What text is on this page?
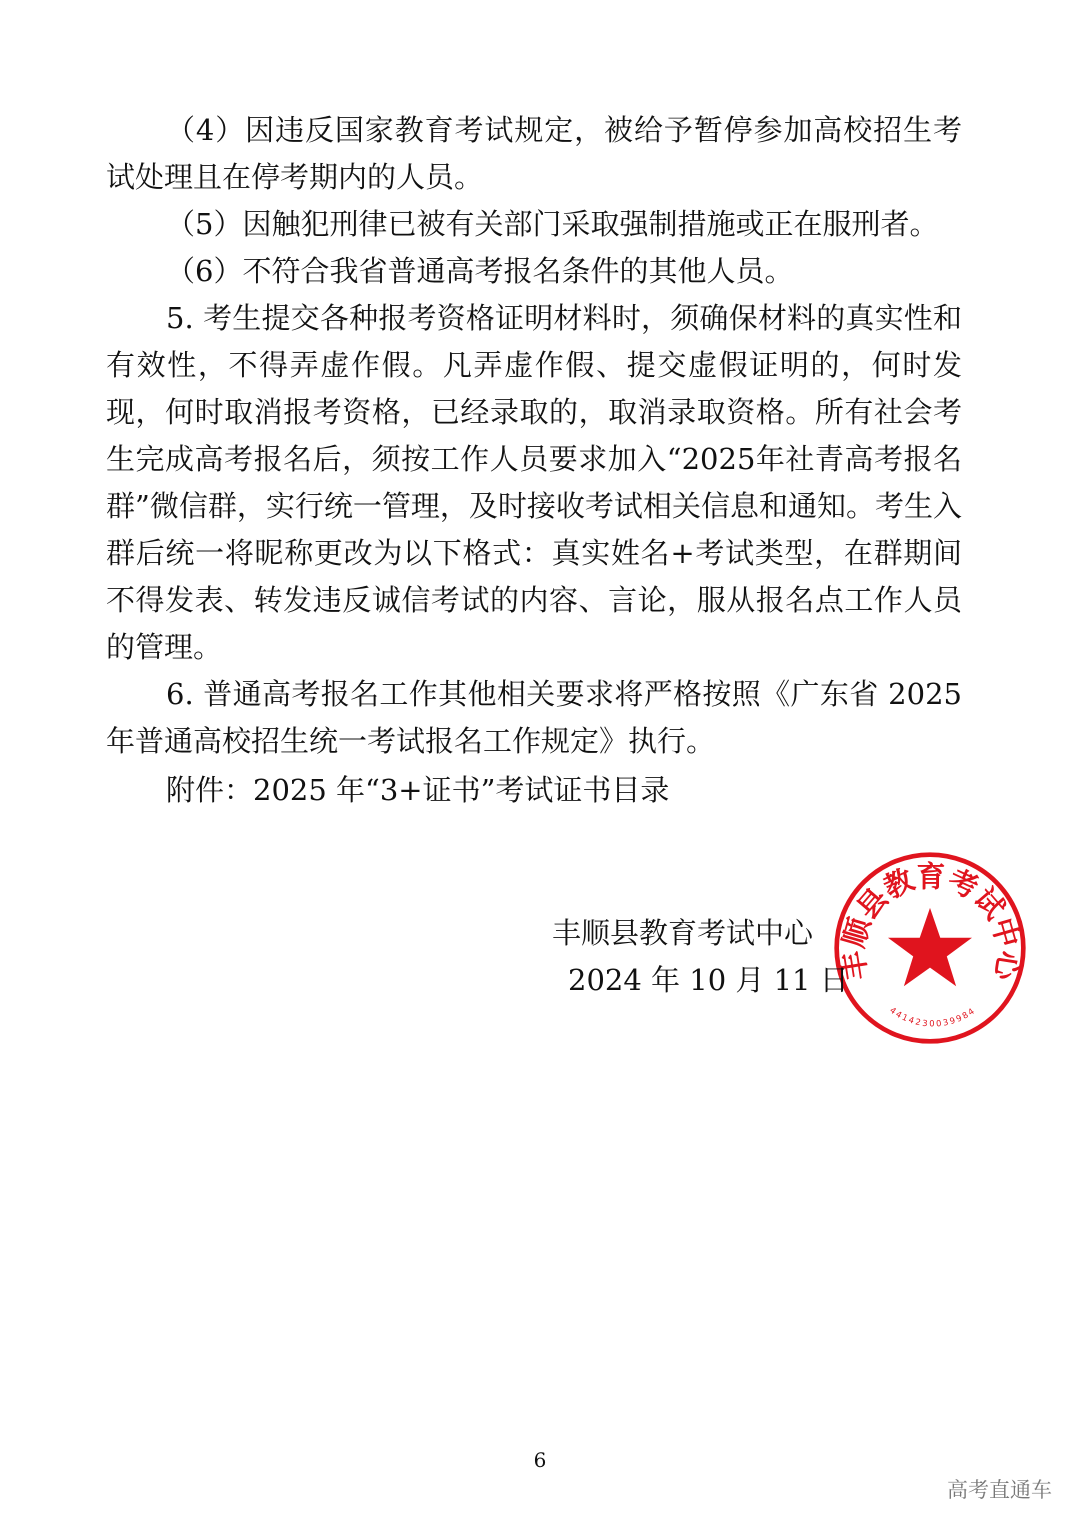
（4）因违反国家教育考试规定，被给予暂停参加高校招生考试处理且在停考期内的人员。

（5）因触犯刑律已被有关部门采取强制措施或正在服刑者。

（6）不符合我省普通高考报名条件的其他人员。

5. 考生提交各种报考资格证明材料时，须确保材料的真实性和有效性，不得弄虚作假。凡弄虚作假、提交虚假证明的，何时发现，何时取消报考资格，已经录取的，取消录取资格。所有社会考生完成高考报名后，须按工作人员要求加入“2025年社青高考报名群”微信群，实行统一管理，及时接收考试相关信息和通知。考生入群后统一将昵称更改为以下格式：真实姓名+考试类型，在群期间不得发表、转发违反诚信考试的内容、言论，服从报名点工作人员的管理。

6. 普通高考报名工作其他相关要求将严格按照《广东省 2025 年普通高校招生统一考试报名工作规定》执行。

附件：2025 年“3+证书”考试证书目录
丰顺县教育考试中心
2024 年 10 月 11 日
丰顺县教育考试中心
4414230039984
6
高考直通车
